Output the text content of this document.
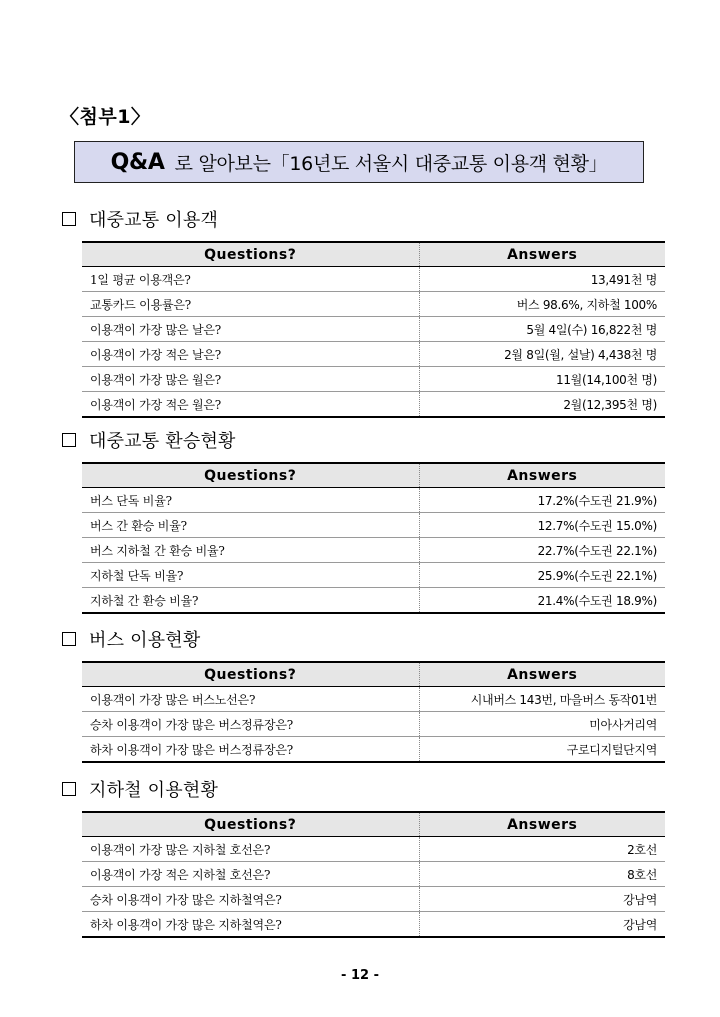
〈첨부1〉
Q&A 로 알아보는「16년도 서울시 대중교통 이용객 현황」
대중교통 이용객
Questions?	Answers
1일 평균 이용객은?	13,491천 명
교통카드 이용률은?	버스 98.6%, 지하철 100%
이용객이 가장 많은 날은?	5월 4일(수) 16,822천 명
이용객이 가장 적은 날은?	2월 8일(월, 설날) 4,438천 명
이용객이 가장 많은 월은?	11월(14,100천 명)
이용객이 가장 적은 월은?	2월(12,395천 명)
대중교통 환승현황
Questions?	Answers
버스 단독 비율?	17.2%(수도권 21.9%)
버스 간 환승 비율?	12.7%(수도권 15.0%)
버스 지하철 간 환승 비율?	22.7%(수도권 22.1%)
지하철 단독 비율?	25.9%(수도권 22.1%)
지하철 간 환승 비율?	21.4%(수도권 18.9%)
버스 이용현황
Questions?	Answers
이용객이 가장 많은 버스노선은?	시내버스 143번, 마을버스 동작01번
승차 이용객이 가장 많은 버스정류장은?	미아사거리역
하차 이용객이 가장 많은 버스정류장은?	구로디지털단지역
지하철 이용현황
Questions?	Answers
이용객이 가장 많은 지하철 호선은?	2호선
이용객이 가장 적은 지하철 호선은?	8호선
승차 이용객이 가장 많은 지하철역은?	강남역
하차 이용객이 가장 많은 지하철역은?	강남역
- 12 -
